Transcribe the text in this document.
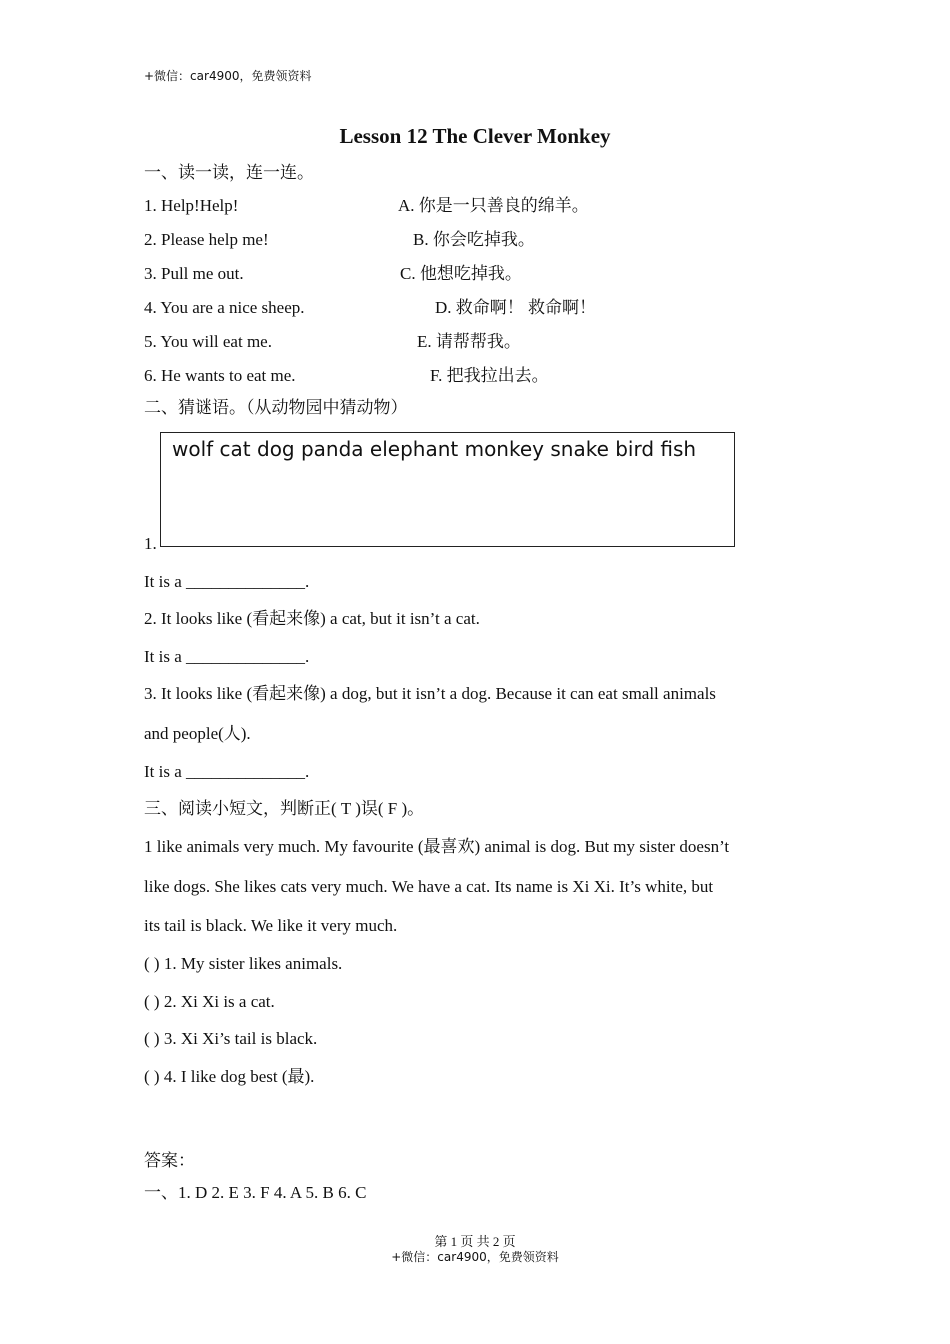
+微信：car4900，免费领资料
Lesson 12 The Clever Monkey
一、读一读，连一连。
1. Help!Help!
2. Please help me!
3. Pull me out.
4. You are a nice sheep.
5. You will eat me.
6. He wants to eat me.
A. 你是一只善良的绵羊。
B. 你会吃掉我。
C. 他想吃掉我。
D. 救命啊！ 救命啊！
E. 请帮帮我。
F. 把我拉出去。
二、猜谜语。（从动物园中猜动物）
1.
wolf cat dog panda elephant monkey snake bird fish
It is a ______________.
2. It looks like (看起来像) a cat, but it isn’t a cat.
It is a ______________.
3. It looks like (看起来像) a dog, but it isn’t a dog. Because it can eat small animals
and people(人).
It is a ______________.
三、阅读小短文，判断正( T )误( F )。
1 like animals very much. My favourite (最喜欢) animal is dog. But my sister doesn’t
like dogs. She likes cats very much. We have a cat. Its name is Xi Xi. It’s white, but
its tail is black. We like it very much.
( ) 1. My sister likes animals.
( ) 2. Xi Xi is a cat.
( ) 3. Xi Xi’s tail is black.
( ) 4. I like dog best (最).
答案：
一、1. D 2. E 3. F 4. A 5. B 6. C
第 1 页 共 2 页
+微信：car4900，免费领资料
